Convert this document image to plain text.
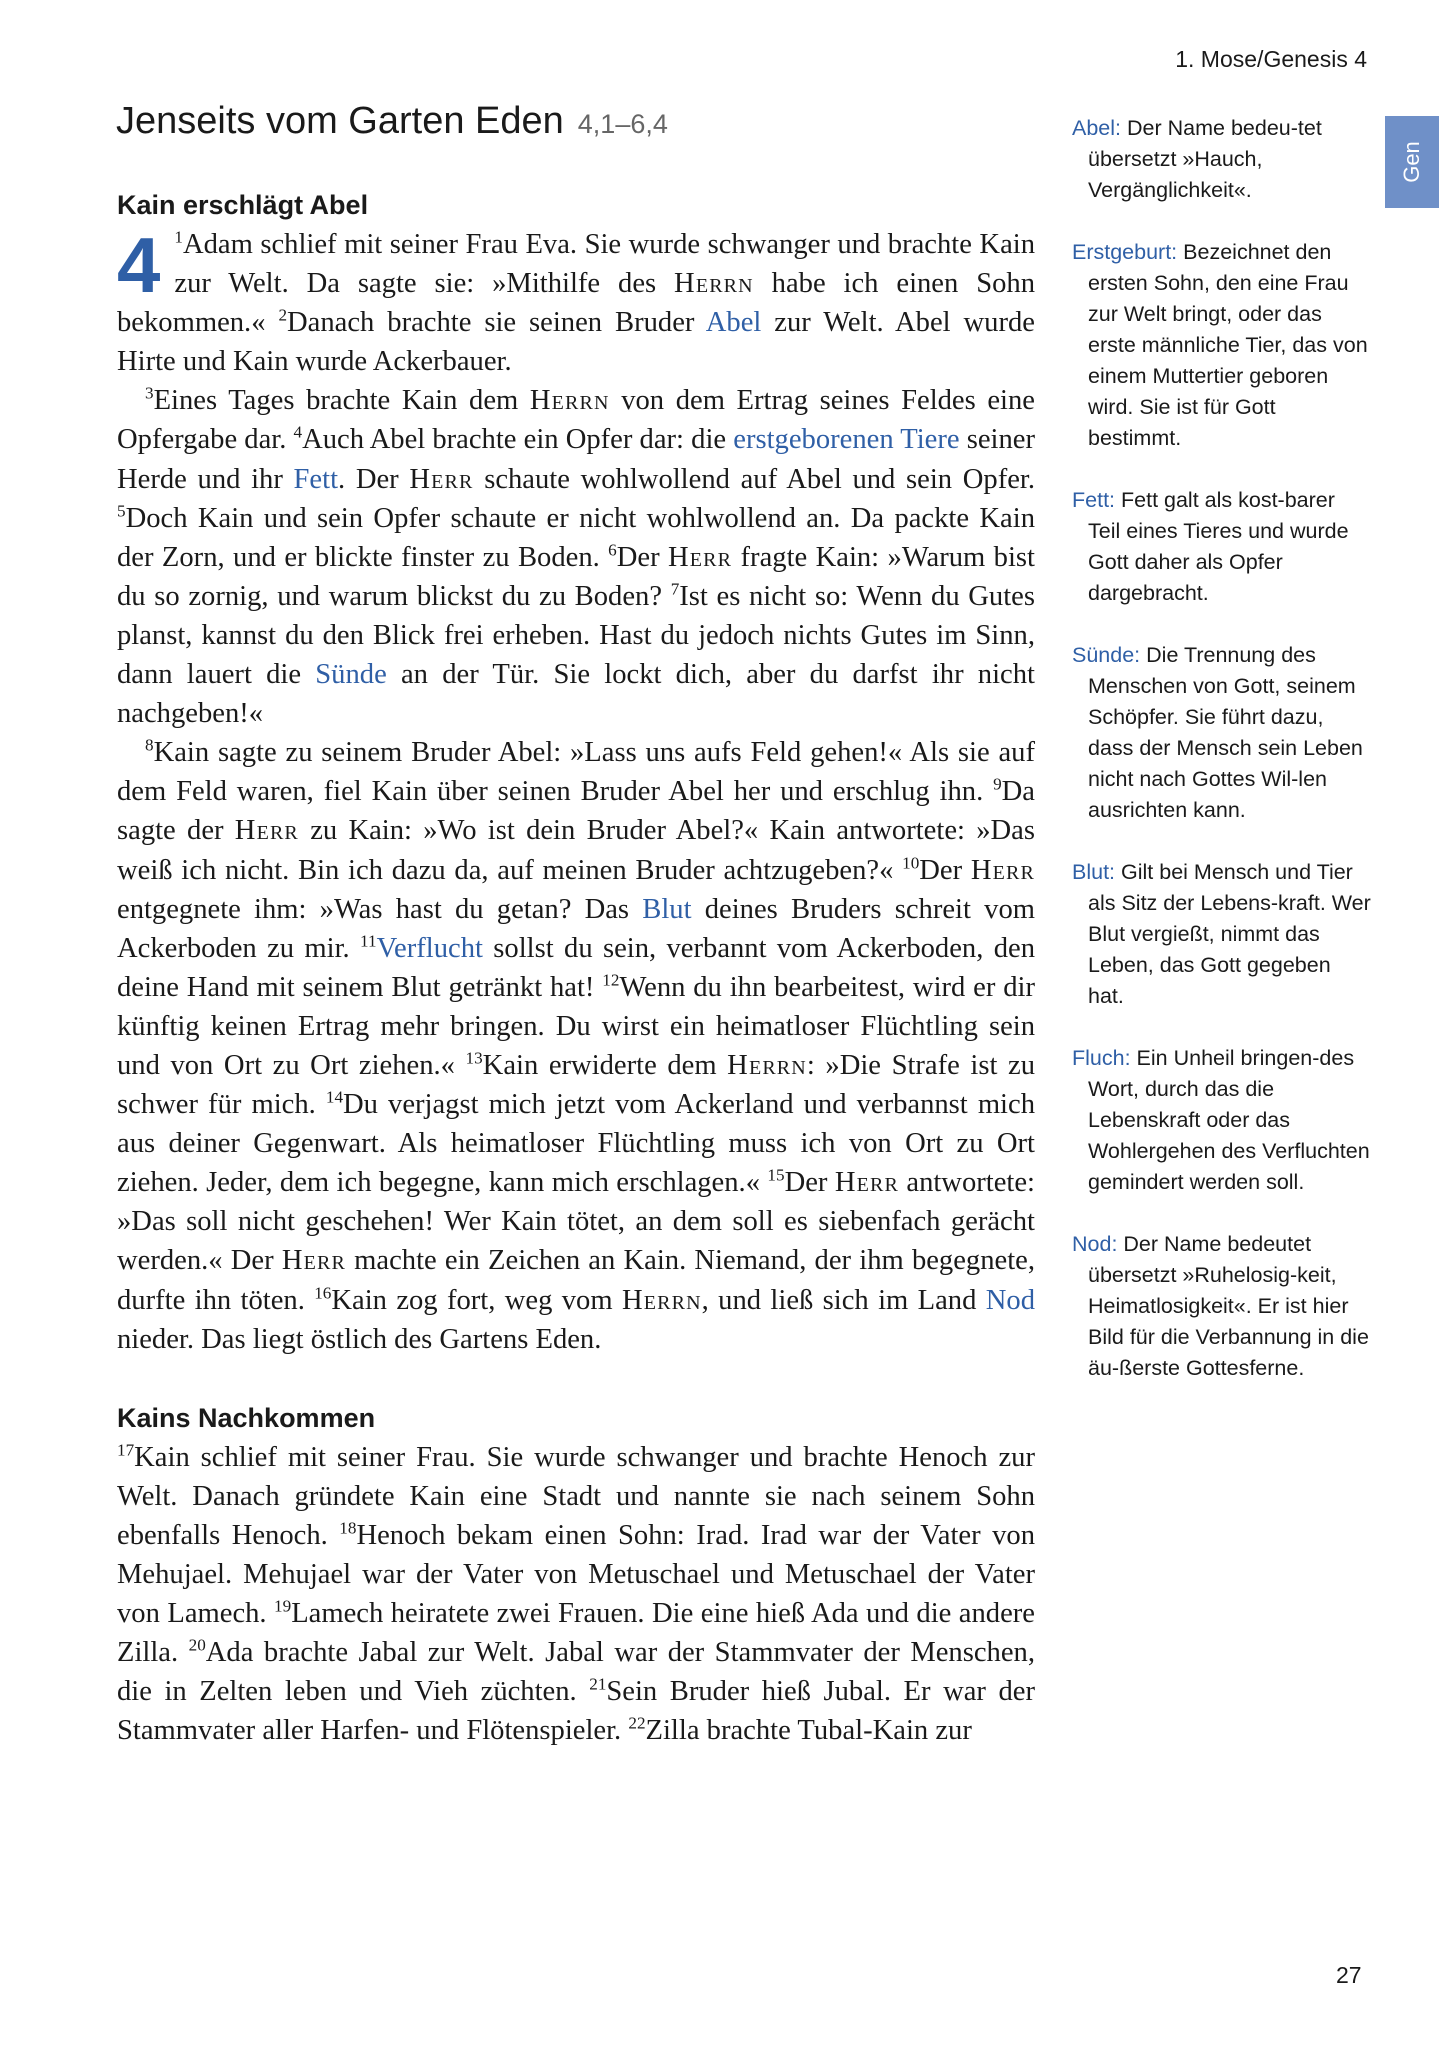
1. Mose/Genesis 4
Gen
Jenseits vom Garten Eden 4,1–6,4
Kain erschlägt Abel

4 $^1$Adam schlief mit seiner Frau Eva. Sie wurde schwanger und brachte Kain zur Welt. Da sagte sie: »Mithilfe des Herrn habe ich einen Sohn bekommen.« $^2$Danach brachte sie seinen Bruder Abel zur Welt. Abel wurde Hirte und Kain wurde Ackerbauer.

$^3$Eines Tages brachte Kain dem Herrn von dem Ertrag seines Feldes eine Opfergabe dar. $^4$Auch Abel brachte ein Opfer dar: die erstgeborenen Tiere seiner Herde und ihr Fett. Der Herr schaute wohlwollend auf Abel und sein Opfer. $^5$Doch Kain und sein Opfer schaute er nicht wohlwollend an. Da packte Kain der Zorn, und er blickte finster zu Boden. $^6$Der Herr fragte Kain: »Warum bist du so zornig, und warum blickst du zu Boden? $^7$Ist es nicht so: Wenn du Gutes planst, kannst du den Blick frei erheben. Hast du jedoch nichts Gutes im Sinn, dann lauert die Sünde an der Tür. Sie lockt dich, aber du darfst ihr nicht nachgeben!«

$^8$Kain sagte zu seinem Bruder Abel: »Lass uns aufs Feld gehen!« Als sie auf dem Feld waren, fiel Kain über seinen Bruder Abel her und erschlug ihn. $^9$Da sagte der Herr zu Kain: »Wo ist dein Bruder Abel?« Kain antwortete: »Das weiß ich nicht. Bin ich dazu da, auf meinen Bruder achtzugeben?« $^{10}$Der Herr entgegnete ihm: »Was hast du getan? Das Blut deines Bruders schreit vom Ackerboden zu mir. $^{11}$Verflucht sollst du sein, verbannt vom Ackerboden, den deine Hand mit seinem Blut getränkt hat! $^{12}$Wenn du ihn bearbeitest, wird er dir künftig keinen Ertrag mehr bringen. Du wirst ein heimatloser Flüchtling sein und von Ort zu Ort ziehen.« $^{13}$Kain erwiderte dem Herrn: »Die Strafe ist zu schwer für mich. $^{14}$Du verjagst mich jetzt vom Ackerland und verbannst mich aus deiner Gegenwart. Als heimatloser Flüchtling muss ich von Ort zu Ort ziehen. Jeder, dem ich begegne, kann mich erschlagen.« $^{15}$Der Herr antwortete: »Das soll nicht geschehen! Wer Kain tötet, an dem soll es siebenfach gerächt werden.« Der Herr machte ein Zeichen an Kain. Niemand, der ihm begegnete, durfte ihn töten. $^{16}$Kain zog fort, weg vom Herrn, und ließ sich im Land Nod nieder. Das liegt östlich des Gartens Eden.

Kains Nachkommen

$^{17}$Kain schlief mit seiner Frau. Sie wurde schwanger und brachte Henoch zur Welt. Danach gründete Kain eine Stadt und nannte sie nach seinem Sohn ebenfalls Henoch. $^{18}$Henoch bekam einen Sohn: Irad. Irad war der Vater von Mehujael. Mehujael war der Vater von Metuschael und Metuschael der Vater von Lamech. $^{19}$Lamech heiratete zwei Frauen. Die eine hieß Ada und die andere Zilla. $^{20}$Ada brachte Jabal zur Welt. Jabal war der Stammvater der Menschen, die in Zelten leben und Vieh züchten. $^{21}$Sein Bruder hieß Jubal. Er war der Stammvater aller Harfen- und Flötenspieler. $^{22}$Zilla brachte Tubal-Kain zur

Abel: Der Name bedeu-tet übersetzt »Hauch, Vergänglichkeit«.
Erstgeburt: Bezeichnet den ersten Sohn, den eine Frau zur Welt bringt, oder das erste männliche Tier, das von einem Muttertier geboren wird. Sie ist für Gott bestimmt.
Fett: Fett galt als kost-barer Teil eines Tieres und wurde Gott daher als Opfer dargebracht.
Sünde: Die Trennung des Menschen von Gott, seinem Schöpfer. Sie führt dazu, dass der Mensch sein Leben nicht nach Gottes Wil-len ausrichten kann.
Blut: Gilt bei Mensch und Tier als Sitz der Lebens-kraft. Wer Blut vergießt, nimmt das Leben, das Gott gegeben hat.
Fluch: Ein Unheil bringen-des Wort, durch das die Lebenskraft oder das Wohlergehen des Verfluchten gemindert werden soll.
Nod: Der Name bedeutet übersetzt »Ruhelosig-keit, Heimatlosigkeit«. Er ist hier Bild für die Verbannung in die äu-ßerste Gottesferne.
27
